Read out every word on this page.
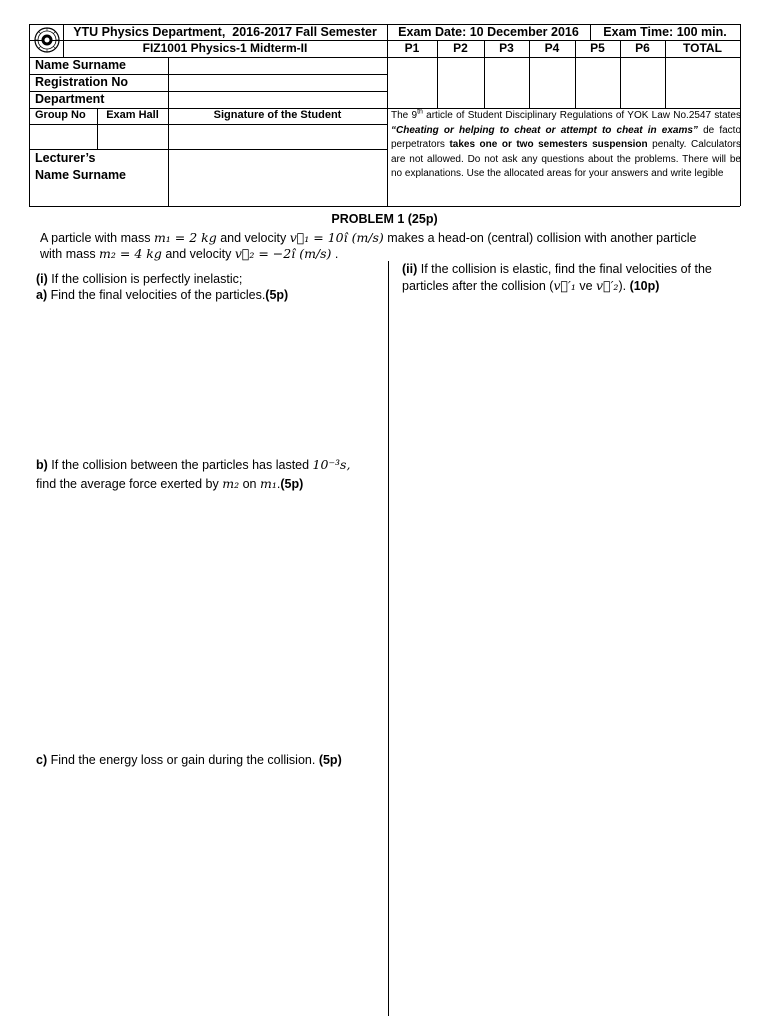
YTU Physics Department,  2016-2017 Fall Semester
FIZ1001 Physics-1 Midterm-II
Exam Date: 10 December 2016	Exam Time: 100 min.
P1	P2	P3	P4	P5	P6	TOTAL
Name Surname
Registration No
Department
Group No	Exam Hall	Signature of the Student
Lecturer’s
Name Surname
The 9th article of Student Disciplinary Regulations of YOK Law No.2547 states “Cheating or helping to cheat or attempt to cheat in exams” de facto perpetrators takes one or two semesters suspension penalty. Calculators are not allowed. Do not ask any questions about the problems. There will be no explanations. Use the allocated areas for your answers and write legible
PROBLEM 1 (25p)
A particle with mass m₁ = 2 kg and velocity v⃗₁ = 10î (m/s) makes a head-on (central) collision with another particle
with mass m₂ = 4 kg and velocity v⃗₂ = −2î (m/s) .
(i) If the collision is perfectly inelastic;
a) Find the final velocities of the particles.(5p)
b) If the collision between the particles has lasted 10⁻³s,
find the average force exerted by m₂ on m₁.(5p)
c) Find the energy loss or gain during the collision. (5p)
(ii) If the collision is elastic, find the final velocities of the
particles after the collision (v⃗′₁ ve v⃗′₂). (10p)
